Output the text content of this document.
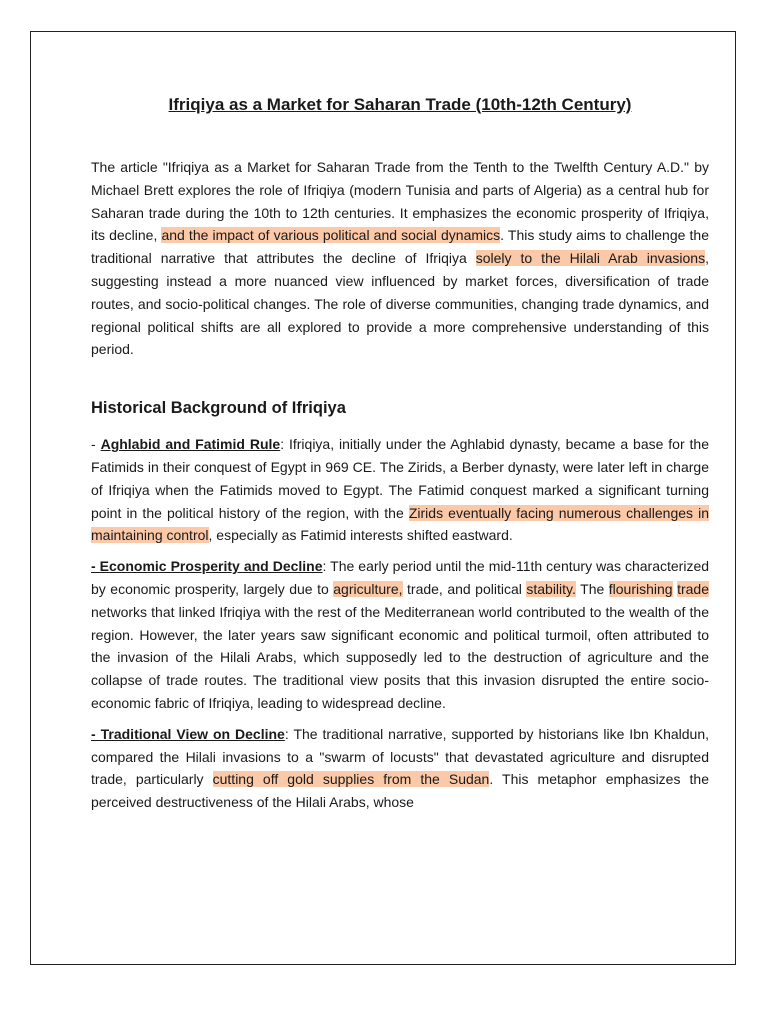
Ifriqiya as a Market for Saharan Trade (10th-12th Century)

The article "Ifriqiya as a Market for Saharan Trade from the Tenth to the Twelfth Century A.D." by Michael Brett explores the role of Ifriqiya (modern Tunisia and parts of Algeria) as a central hub for Saharan trade during the 10th to 12th centuries. It emphasizes the economic prosperity of Ifriqiya, its decline, and the impact of various political and social dynamics. This study aims to challenge the traditional narrative that attributes the decline of Ifriqiya solely to the Hilali Arab invasions, suggesting instead a more nuanced view influenced by market forces, diversification of trade routes, and socio-political changes. The role of diverse communities, changing trade dynamics, and regional political shifts are all explored to provide a more comprehensive understanding of this period.

Historical Background of Ifriqiya

- Aghlabid and Fatimid Rule: Ifriqiya, initially under the Aghlabid dynasty, became a base for the Fatimids in their conquest of Egypt in 969 CE. The Zirids, a Berber dynasty, were later left in charge of Ifriqiya when the Fatimids moved to Egypt. The Fatimid conquest marked a significant turning point in the political history of the region, with the Zirids eventually facing numerous challenges in maintaining control, especially as Fatimid interests shifted eastward.

- Economic Prosperity and Decline: The early period until the mid-11th century was characterized by economic prosperity, largely due to agriculture, trade, and political stability. The flourishing trade networks that linked Ifriqiya with the rest of the Mediterranean world contributed to the wealth of the region. However, the later years saw significant economic and political turmoil, often attributed to the invasion of the Hilali Arabs, which supposedly led to the destruction of agriculture and the collapse of trade routes. The traditional view posits that this invasion disrupted the entire socio-economic fabric of Ifriqiya, leading to widespread decline.

- Traditional View on Decline: The traditional narrative, supported by historians like Ibn Khaldun, compared the Hilali invasions to a "swarm of locusts" that devastated agriculture and disrupted trade, particularly cutting off gold supplies from the Sudan. This metaphor emphasizes the perceived destructiveness of the Hilali Arabs, whose
